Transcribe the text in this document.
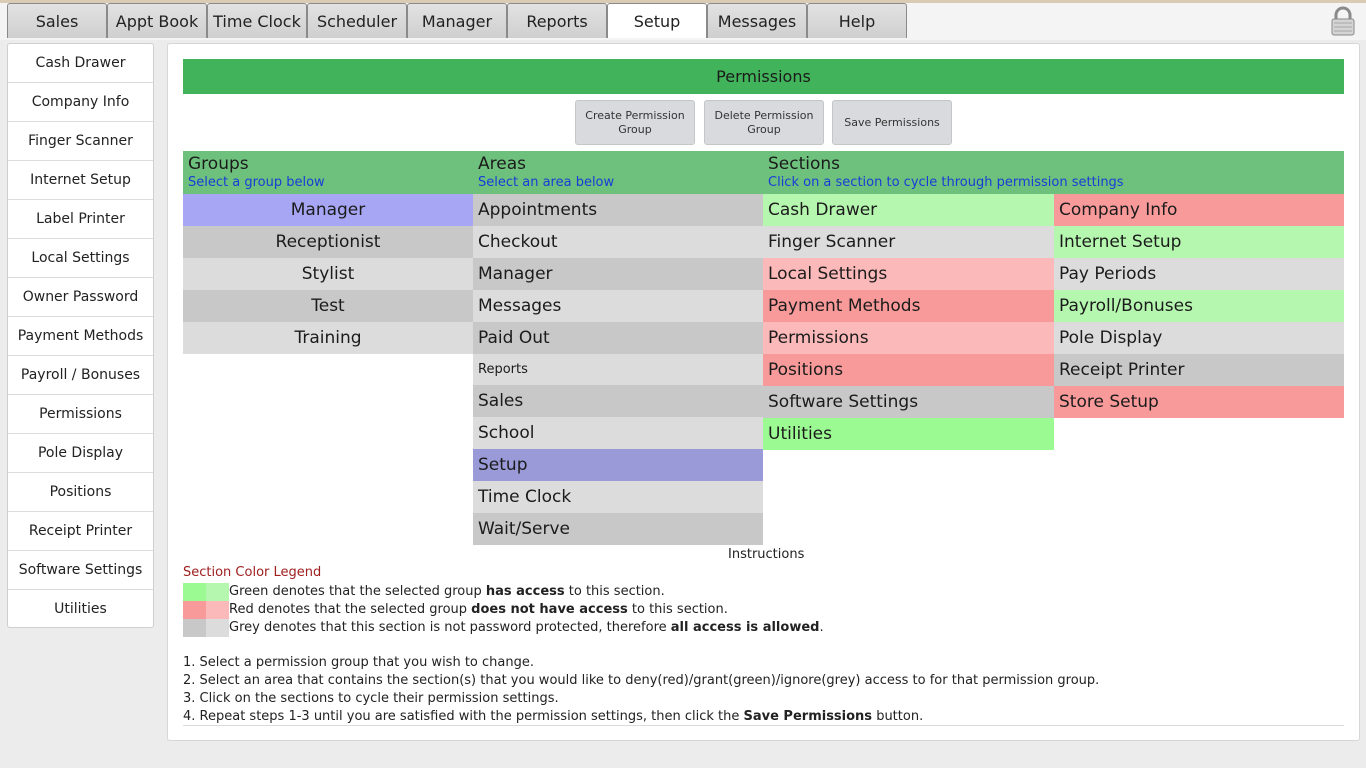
Sales	Appt Book Time Clock	Scheduler	Manager	Reports	Setup	Messages	Help
Cash Drawer
Company Info
Finger Scanner
Internet Setup
Label Printer
Local Settings
Owner Password
Payment Methods
Payroll / Bonuses
Permissions
Pole Display
Positions
Receipt Printer
Software Settings
Utilities
Permissions
Create Permission Group
Delete Permission Group
Save Permissions
Groups
Select a group below
Areas
Select an area below
Sections
Click on a section to cycle through permission settings
Manager
Receptionist
Stylist
Test
Training
Appointments
Checkout
Manager
Messages
Paid Out
Reports
Sales
School
Setup
Time Clock
Wait/Serve
Cash Drawer
Finger Scanner
Local Settings
Payment Methods
Permissions
Positions
Software Settings
Utilities
Company Info
Internet Setup
Pay Periods
Payroll/Bonuses
Pole Display
Receipt Printer
Store Setup
Instructions
Section Color Legend
Green denotes that the selected group has access to this section.
Red denotes that the selected group does not have access to this section.
Grey denotes that this section is not password protected, therefore all access is allowed.
1. Select a permission group that you wish to change.
2. Select an area that contains the section(s) that you would like to deny(red)/grant(green)/ignore(grey) access to for that permission group.
3. Click on the sections to cycle their permission settings.
4. Repeat steps 1-3 until you are satisfied with the permission settings, then click the Save Permissions button.
